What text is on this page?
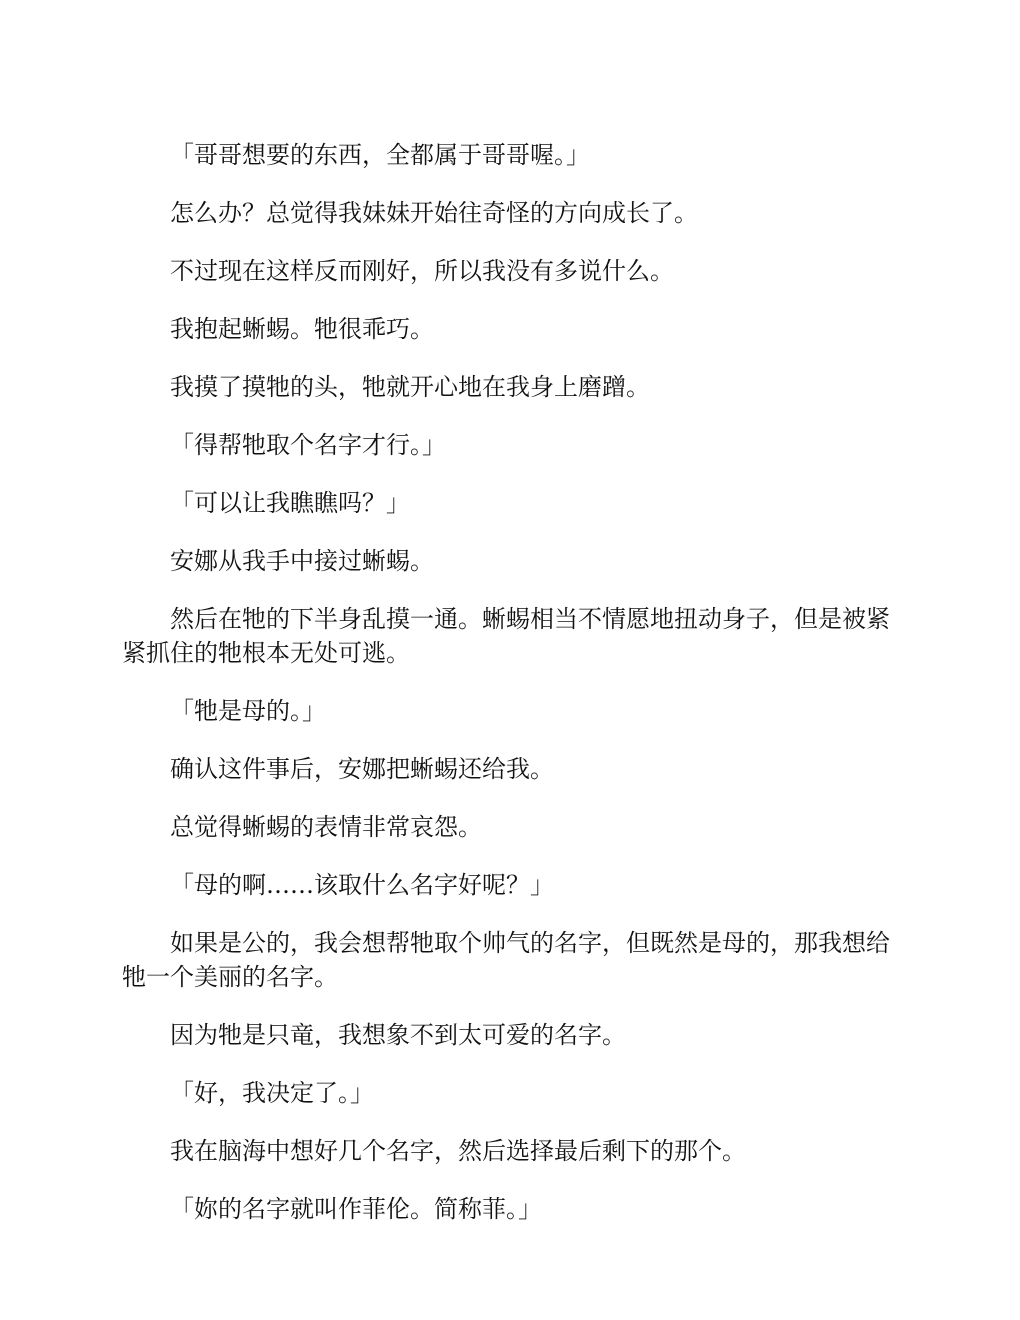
「哥哥想要的东西，全都属于哥哥喔。」

怎么办？总觉得我妹妹开始往奇怪的方向成长了。

不过现在这样反而刚好，所以我没有多说什么。

我抱起蜥蜴。牠很乖巧。

我摸了摸牠的头，牠就开心地在我身上磨蹭。

「得帮牠取个名字才行。」

「可以让我瞧瞧吗？」

安娜从我手中接过蜥蜴。

然后在牠的下半身乱摸一通。蜥蜴相当不情愿地扭动身子，但是被紧紧抓住的牠根本无处可逃。

「牠是母的。」

确认这件事后，安娜把蜥蜴还给我。

总觉得蜥蜴的表情非常哀怨。

「母的啊……该取什么名字好呢？」

如果是公的，我会想帮牠取个帅气的名字，但既然是母的，那我想给牠一个美丽的名字。

因为牠是只竜，我想象不到太可爱的名字。

「好，我决定了。」

我在脑海中想好几个名字，然后选择最后剩下的那个。

「妳的名字就叫作菲伦。简称菲。」
